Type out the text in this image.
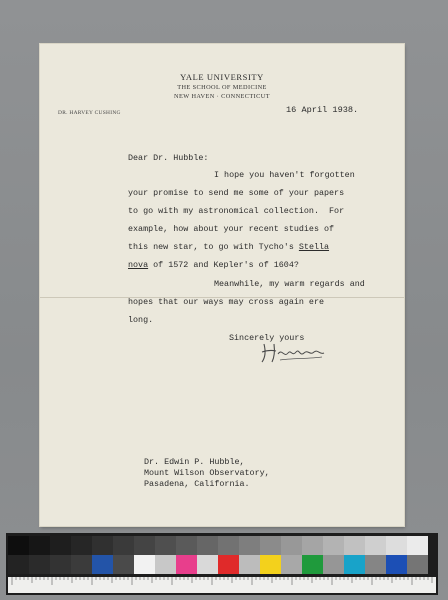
YALE UNIVERSITY
THE SCHOOL OF MEDICINE
NEW HAVEN · CONNECTICUT
DR. HARVEY CUSHING	16 April 1938.
Dear Dr. Hubble:
I hope you haven't forgotten
your promise to send me some of your papers
to go with my astronomical collection.  For
example, how about your recent studies of
this new star, to go with Tycho's Stella
nova of 1572 and Kepler's of 1604?
Meanwhile, my warm regards and
hopes that our ways may cross again ere
long.
Sincerely yours
Dr. Edwin P. Hubble,
Mount Wilson Observatory,
Pasadena, California.
